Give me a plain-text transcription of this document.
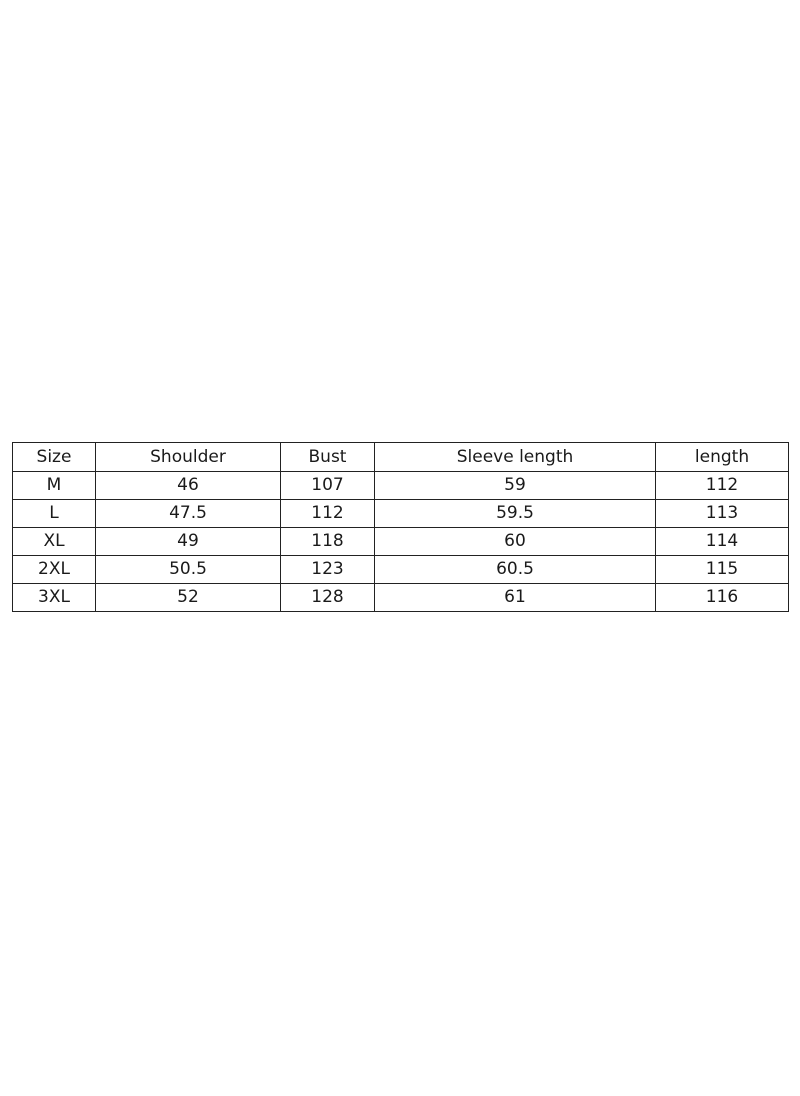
Size	Shoulder	Bust	Sleeve length	length
M	46	107	59	112
L	47.5	112	59.5	113
XL	49	118	60	114
2XL	50.5	123	60.5	115
3XL	52	128	61	116
